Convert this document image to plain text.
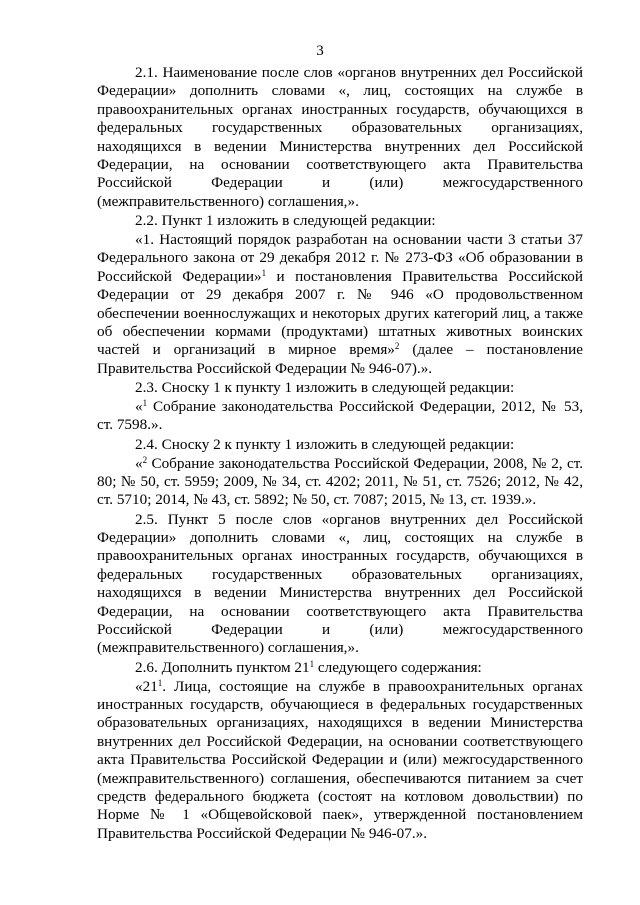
3

2.1. Наименование после слов «органов внутренних дел Российской Федерации» дополнить словами «, лиц, состоящих на службе в правоохранительных органах иностранных государств, обучающихся в федеральных государственных образовательных организациях, находящихся в ведении Министерства внутренних дел Российской Федерации, на основании соответствующего акта Правительства Российской Федерации и (или) межгосударственного (межправительственного) соглашения,».

2.2. Пункт 1 изложить в следующей редакции:

«1. Настоящий порядок разработан на основании части 3 статьи 37 Федерального закона от 29 декабря 2012 г. № 273-ФЗ «Об образовании в Российской Федерации»$^1$ и постановления Правительства Российской Федерации от 29 декабря 2007 г. № 946 «О продовольственном обеспечении военнослужащих и некоторых других категорий лиц, а также об обеспечении кормами (продуктами) штатных животных воинских частей и организаций в мирное время»$^2$ (далее – постановление Правительства Российской Федерации № 946-07).».

2.3. Сноску 1 к пункту 1 изложить в следующей редакции:

«$^1$ Собрание законодательства Российской Федерации, 2012, № 53, ст. 7598.».

2.4. Сноску 2 к пункту 1 изложить в следующей редакции:

«$^2$ Собрание законодательства Российской Федерации, 2008, № 2, ст. 80; № 50, ст. 5959; 2009, № 34, ст. 4202; 2011, № 51, ст. 7526; 2012, № 42, ст. 5710; 2014, № 43, ст. 5892; № 50, ст. 7087; 2015, № 13, ст. 1939.».

2.5. Пункт 5 после слов «органов внутренних дел Российской Федерации» дополнить словами «, лиц, состоящих на службе в правоохранительных органах иностранных государств, обучающихся в федеральных государственных образовательных организациях, находящихся в ведении Министерства внутренних дел Российской Федерации, на основании соответствующего акта Правительства Российской Федерации и (или) межгосударственного (межправительственного) соглашения,».

2.6. Дополнить пунктом $21^1$ следующего содержания:

«$21^1$. Лица, состоящие на службе в правоохранительных органах иностранных государств, обучающиеся в федеральных государственных образовательных организациях, находящихся в ведении Министерства внутренних дел Российской Федерации, на основании соответствующего акта Правительства Российской Федерации и (или) межгосударственного (межправительственного) соглашения, обеспечиваются питанием за счет средств федерального бюджета (состоят на котловом довольствии) по Норме № 1 «Общевойсковой паек», утвержденной постановлением Правительства Российской Федерации № 946-07.».
